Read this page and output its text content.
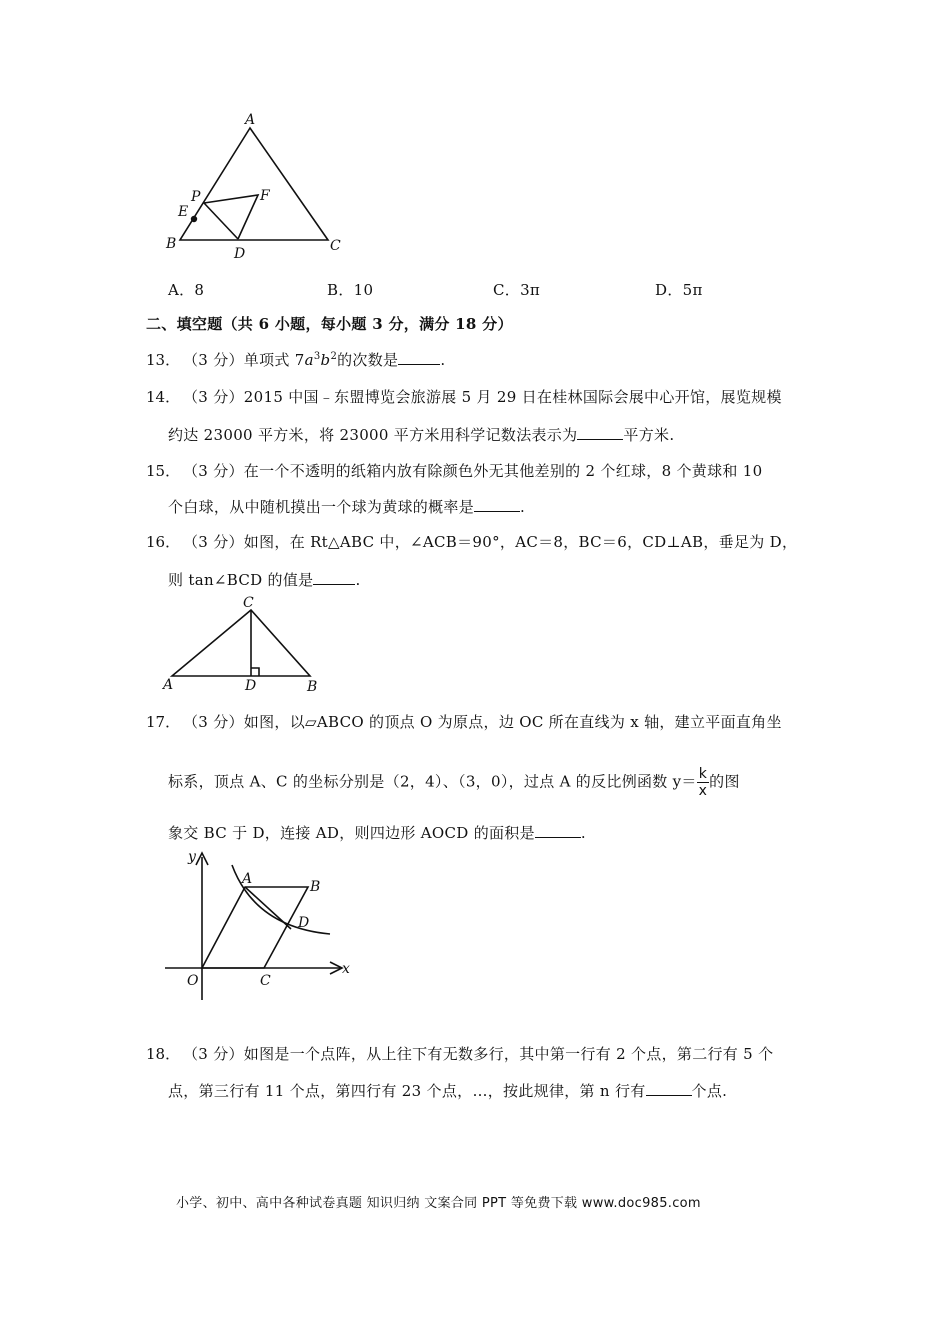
A
B	C
D
E
F
P
A．8	B．10	C．3π	D．5π
二、填空题（共 6 小题，每小题 3 分，满分 18 分）
13． （3 分）单项式 $7a^3b^2$的次数是	.
14． （3 分）2015 中国﹣东盟博览会旅游展 5 月 29 日在桂林国际会展中心开馆，展览规模
约达 23000 平方米，将 23000 平方米用科学记数法表示为	平方米.
15． （3 分）在一个不透明的纸箱内放有除颜色外无其他差别的 2 个红球，8 个黄球和 10
个白球，从中随机摸出一个球为黄球的概率是	.
16． （3 分）如图，在 Rt△ABC 中，∠ACB＝90°，AC＝8，BC＝6，CD⊥AB，垂足为 D，
则 tan∠BCD 的值是	.
C
A	D	B
17． （3 分）如图，以▱ABCO 的顶点 O 为原点，边 OC 所在直线为 x 轴，建立平面直角坐
标系，顶点 A、C 的坐标分别是（2，4）、（3，0），过点 A 的反比例函数 $y= \frac{k}{x}$ 的图
象交 BC 于 D，连接 AD，则四边形 AOCD 的面积是	.
y
x
O
A	B
C
D
18． （3 分）如图是一个点阵，从上往下有无数多行，其中第一行有 2 个点，第二行有 5 个
点，第三行有 11 个点，第四行有 23 个点，…，按此规律，第 n 行有	个点.
小学、初中、高中各种试卷真题 知识归纳 文案合同 PPT 等免费下载 www.doc985.com
